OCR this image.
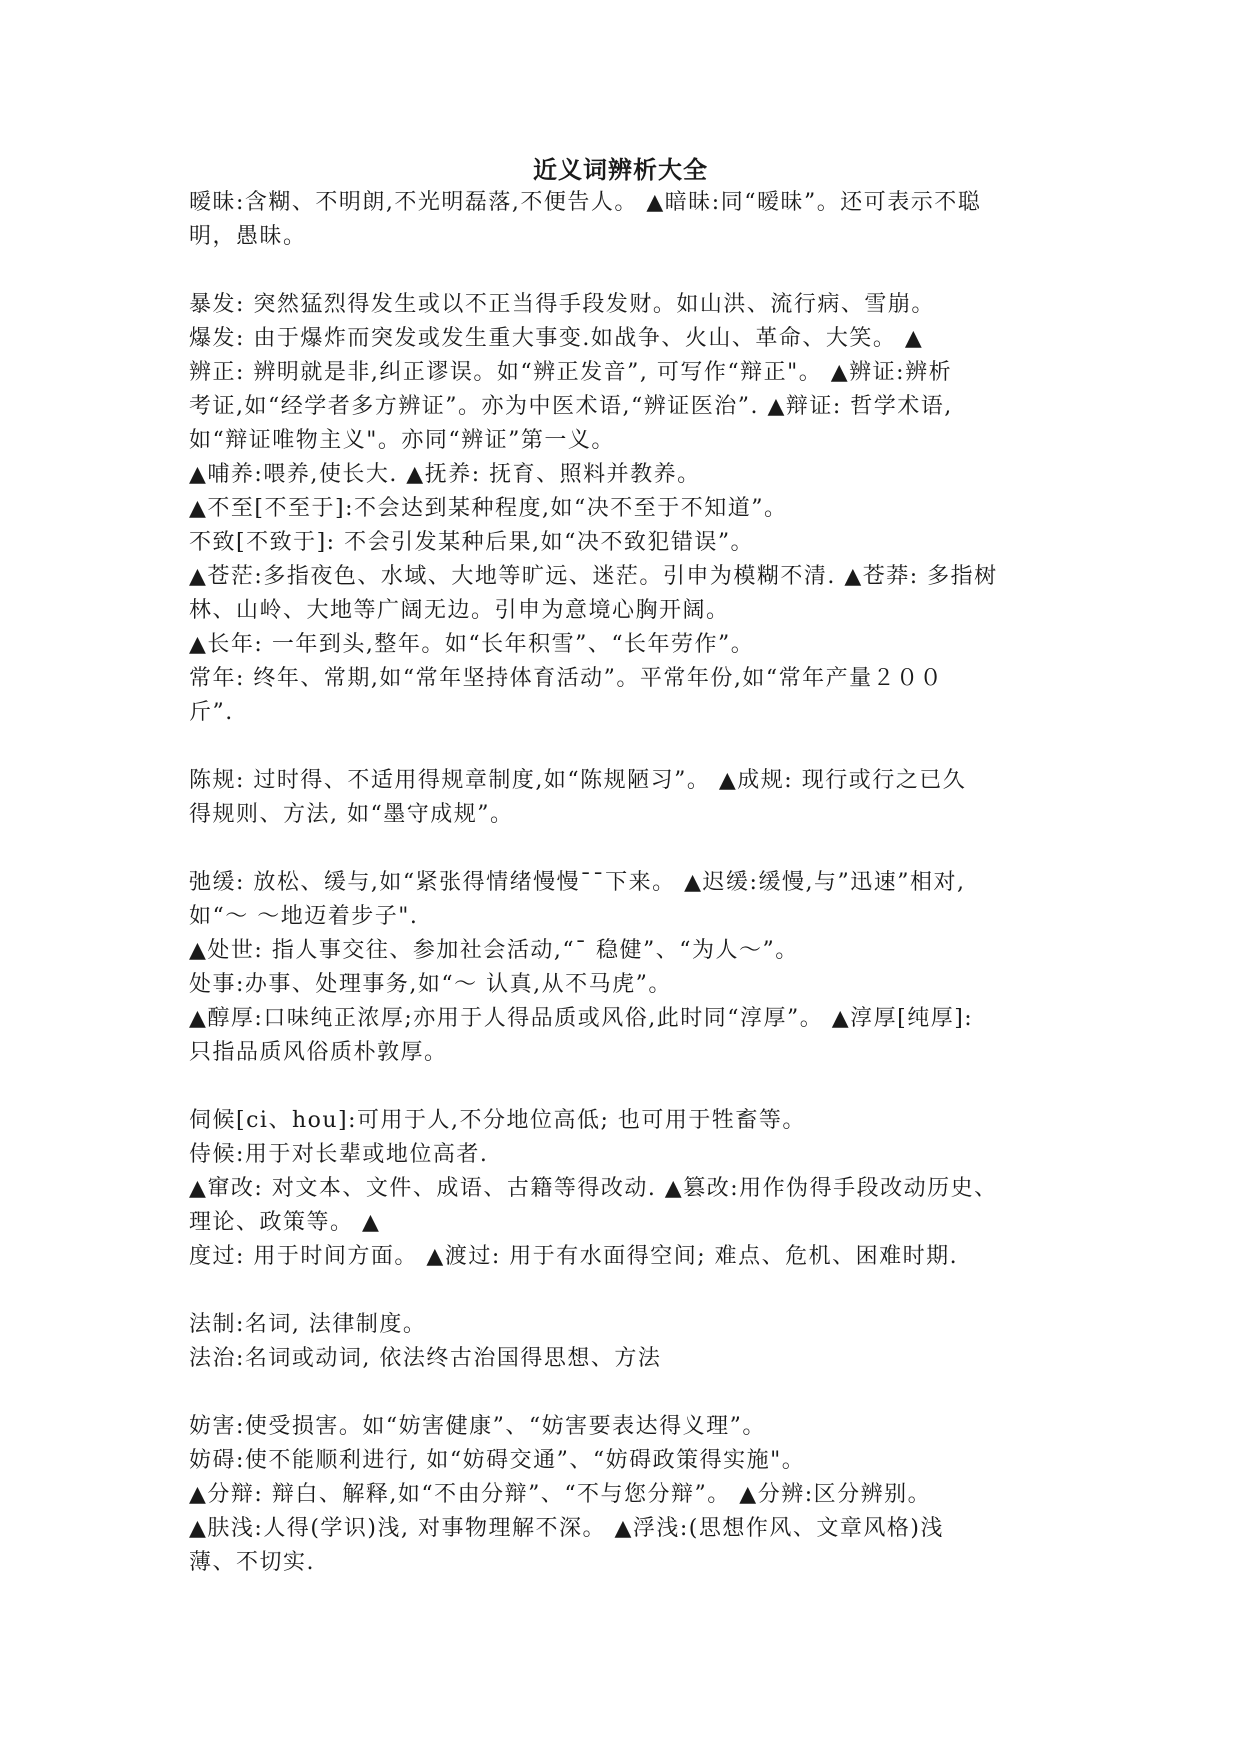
近义词辨析大全
暧昧:含糊、不明朗,不光明磊落,不便告人。 ▲暗昧:同“暧昧”。还可表示不聪
明，愚昧。
暴发: 突然猛烈得发生或以不正当得手段发财。如山洪、流行病、雪崩。
爆发: 由于爆炸而突发或发生重大事变.如战争、火山、革命、大笑。 ▲
辨正: 辨明就是非,纠正谬误。如“辨正发音”, 可写作“辩正"。 ▲辨证:辨析
考证,如“经学者多方辨证”。亦为中医术语,“辨证医治”. ▲辩证: 哲学术语,
如“辩证唯物主义"。亦同“辨证”第一义。
▲哺养:喂养,使长大. ▲抚养: 抚育、照料并教养。
▲不至[不至于]:不会达到某种程度,如“决不至于不知道”。
不致[不致于]: 不会引发某种后果,如“决不致犯错误”。
▲苍茫:多指夜色、水域、大地等旷远、迷茫。引申为模糊不清. ▲苍莽: 多指树
林、山岭、大地等广阔无边。引申为意境心胸开阔。
▲长年: 一年到头,整年。如“长年积雪”、“长年劳作”。
常年: 终年、常期,如“常年坚持体育活动”。平常年份,如“常年产量２００
斤”.
陈规: 过时得、不适用得规章制度,如“陈规陋习”。 ▲成规: 现行或行之已久
得规则、方法, 如“墨守成规”。
弛缓: 放松、缓与,如“紧张得情绪慢慢¯¯下来。 ▲迟缓:缓慢,与”迅速”相对,
如“～ ～地迈着步子".
▲处世: 指人事交往、参加社会活动,“¯ 稳健”、“为人～”。
处事:办事、处理事务,如“～ 认真,从不马虎”。
▲醇厚:口味纯正浓厚;亦用于人得品质或风俗,此时同“淳厚”。 ▲淳厚[纯厚]:
只指品质风俗质朴敦厚。
伺候[ci、hou]:可用于人,不分地位高低; 也可用于牲畜等。
侍候:用于对长辈或地位高者.
▲窜改: 对文本、文件、成语、古籍等得改动. ▲篡改:用作伪得手段改动历史、
理论、政策等。 ▲
度过: 用于时间方面。 ▲渡过: 用于有水面得空间; 难点、危机、困难时期.
法制:名词, 法律制度。
法治:名词或动词, 依法终古治国得思想、方法
妨害:使受损害。如“妨害健康”、“妨害要表达得义理”。
妨碍:使不能顺利进行, 如“妨碍交通”、“妨碍政策得实施"。
▲分辩: 辩白、解释,如“不由分辩”、“不与您分辩”。 ▲分辨:区分辨别。
▲肤浅:人得(学识)浅, 对事物理解不深。 ▲浮浅:(思想作风、文章风格)浅
薄、不切实.
